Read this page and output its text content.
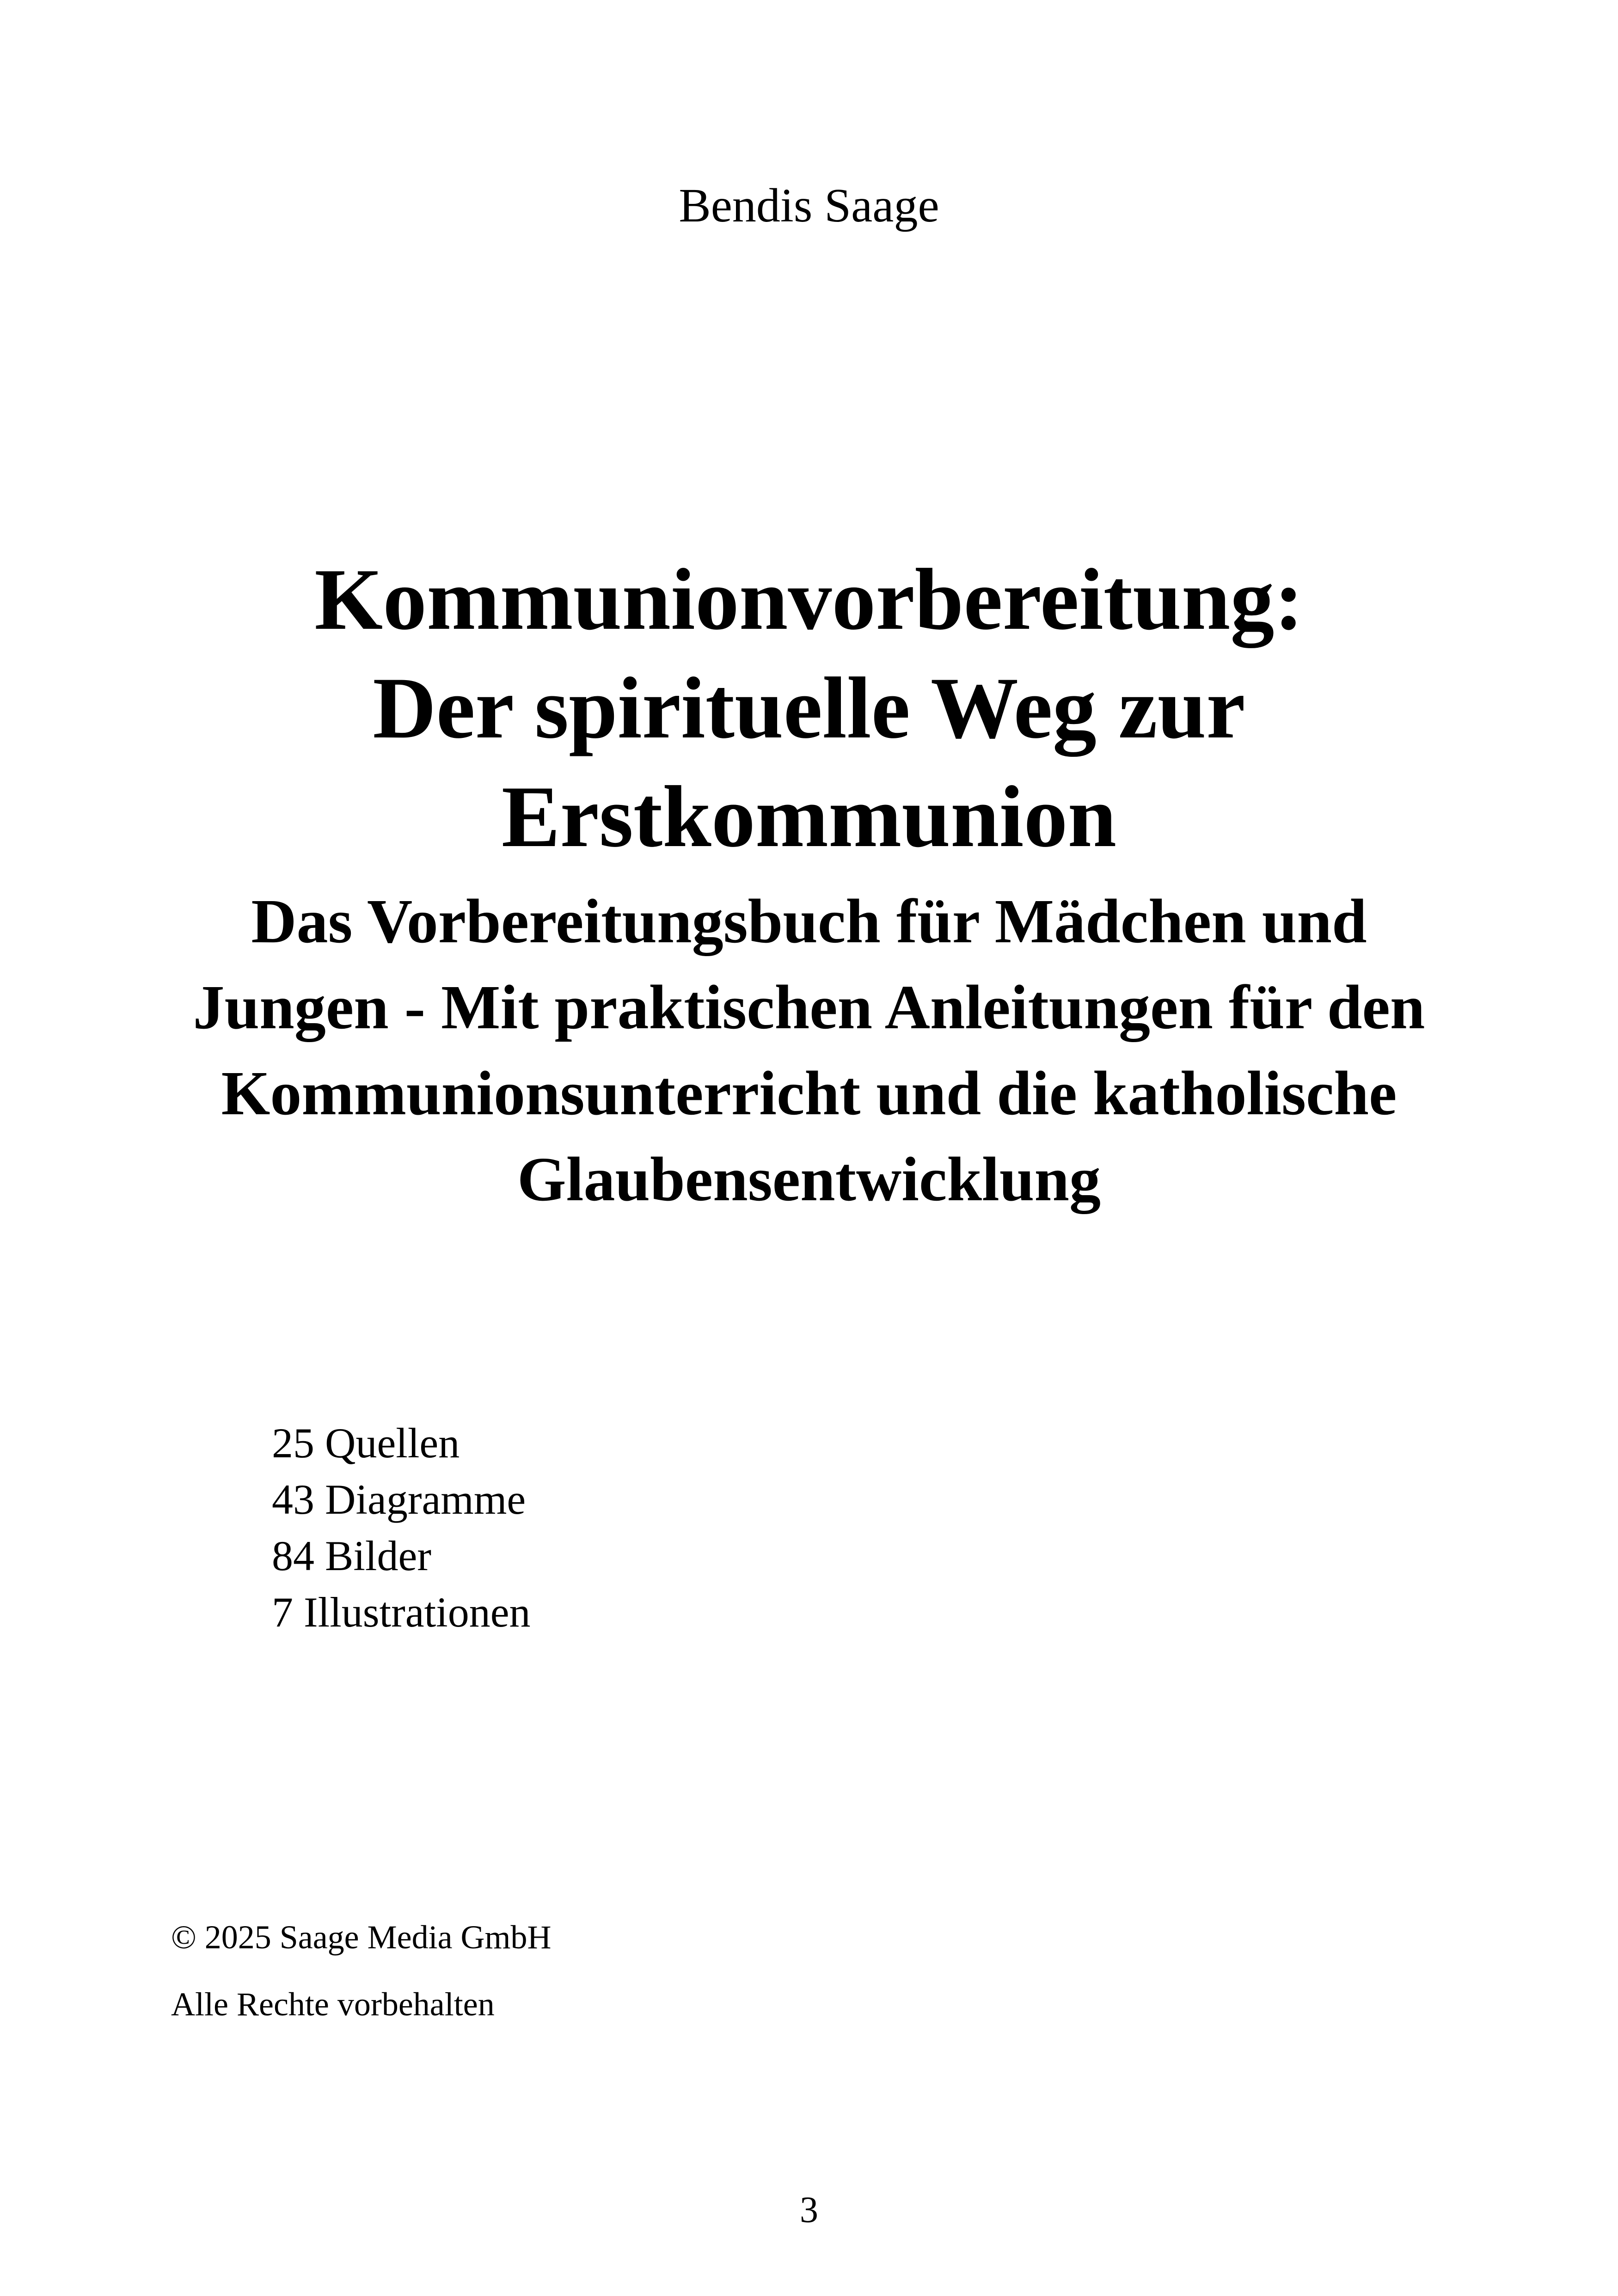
Bendis Saage
Kommunionvorbereitung:
Der spirituelle Weg zur
Erstkommunion
Das Vorbereitungsbuch für Mädchen und
Jungen - Mit praktischen Anleitungen für den
Kommunionsunterricht und die katholische
Glaubensentwicklung
25 Quellen
43 Diagramme
84 Bilder
7 Illustrationen
© 2025 Saage Media GmbH
Alle Rechte vorbehalten
3
